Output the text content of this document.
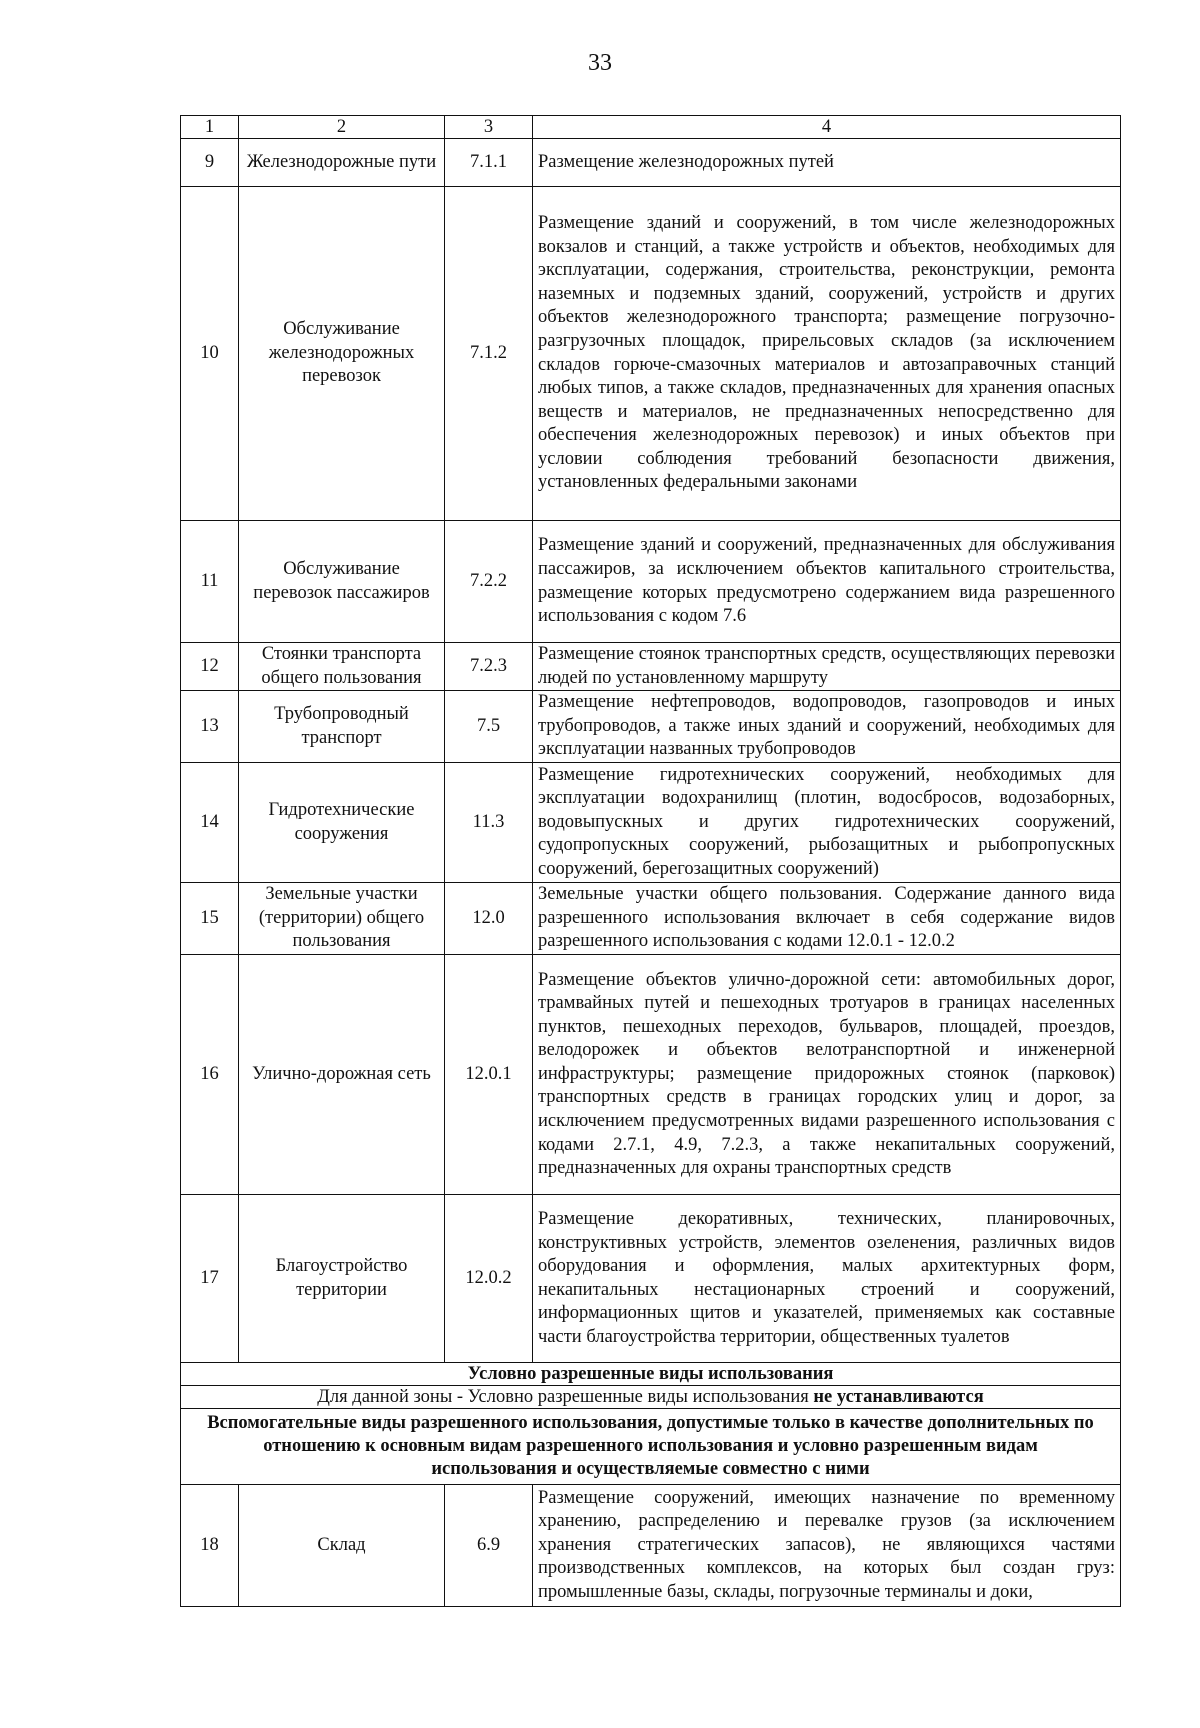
33
1	2	3	4
9	Железнодорожные пути	7.1.1	Размещение железнодорожных путей
10	Обслуживание железнодорожных перевозок	7.1.2	Размещение зданий и сооружений, в том числе железнодорожных вокзалов и станций, а также устройств и объектов, необходимых для эксплуатации, содержания, строительства, реконструкции, ремонта наземных и подземных зданий, сооружений, устройств и других объектов железнодорожного транспорта; размещение погрузочно-разгрузочных площадок, прирельсовых складов (за исключением складов горюче-смазочных материалов и автозаправочных станций любых типов, а также складов, предназначенных для хранения опасных веществ и материалов, не предназначенных непосредственно для обеспечения железнодорожных перевозок) и иных объектов при условии соблюдения требований безопасности движения, установленных федеральными законами
11	Обслуживание перевозок пассажиров	7.2.2	Размещение зданий и сооружений, предназначенных для обслуживания пассажиров, за исключением объектов капитального строительства, размещение которых предусмотрено содержанием вида разрешенного использования с кодом 7.6
12	Стоянки транспорта общего пользования	7.2.3	Размещение стоянок транспортных средств, осуществляющих перевозки людей по установленному маршруту
13	Трубопроводный транспорт	7.5	Размещение нефтепроводов, водопроводов, газопроводов и иных трубопроводов, а также иных зданий и сооружений, необходимых для эксплуатации названных трубопроводов
14	Гидротехнические сооружения	11.3	Размещение гидротехнических сооружений, необходимых для эксплуатации водохранилищ (плотин, водосбросов, водозаборных, водовыпускных и других гидротехнических сооружений, судопропускных сооружений, рыбозащитных и рыбопропускных сооружений, берегозащитных сооружений)
15	Земельные участки (территории) общего пользования	12.0	Земельные участки общего пользования. Содержание данного вида разрешенного использования включает в себя содержание видов разрешенного использования с кодами 12.0.1 - 12.0.2
16	Улично-дорожная сеть	12.0.1	Размещение объектов улично-дорожной сети: автомобильных дорог, трамвайных путей и пешеходных тротуаров в границах населенных пунктов, пешеходных переходов, бульваров, площадей, проездов, велодорожек и объектов велотранспортной и инженерной инфраструктуры; размещение придорожных стоянок (парковок) транспортных средств в границах городских улиц и дорог, за исключением предусмотренных видами разрешенного использования с кодами 2.7.1, 4.9, 7.2.3, а также некапитальных сооружений, предназначенных для охраны транспортных средств
17	Благоустройство территории	12.0.2	Размещение декоративных, технических, планировочных, конструктивных устройств, элементов озеленения, различных видов оборудования и оформления, малых архитектурных форм, некапитальных нестационарных строений и сооружений, информационных щитов и указателей, применяемых как составные части благоустройства территории, общественных туалетов
Условно разрешенные виды использования			
Для данной зоны - Условно разрешенные виды использования не устанавливаются			
Вспомогательные виды разрешенного использования, допустимые только в качестве дополнительных по отношению к основным видам разрешенного использования и условно разрешенным видам использования и осуществляемые совместно с ними			
18	Склад	6.9	Размещение сооружений, имеющих назначение по временному хранению, распределению и перевалке грузов (за исключением хранения стратегических запасов), не являющихся частями производственных комплексов, на которых был создан груз: промышленные базы, склады, погрузочные терминалы и доки,
